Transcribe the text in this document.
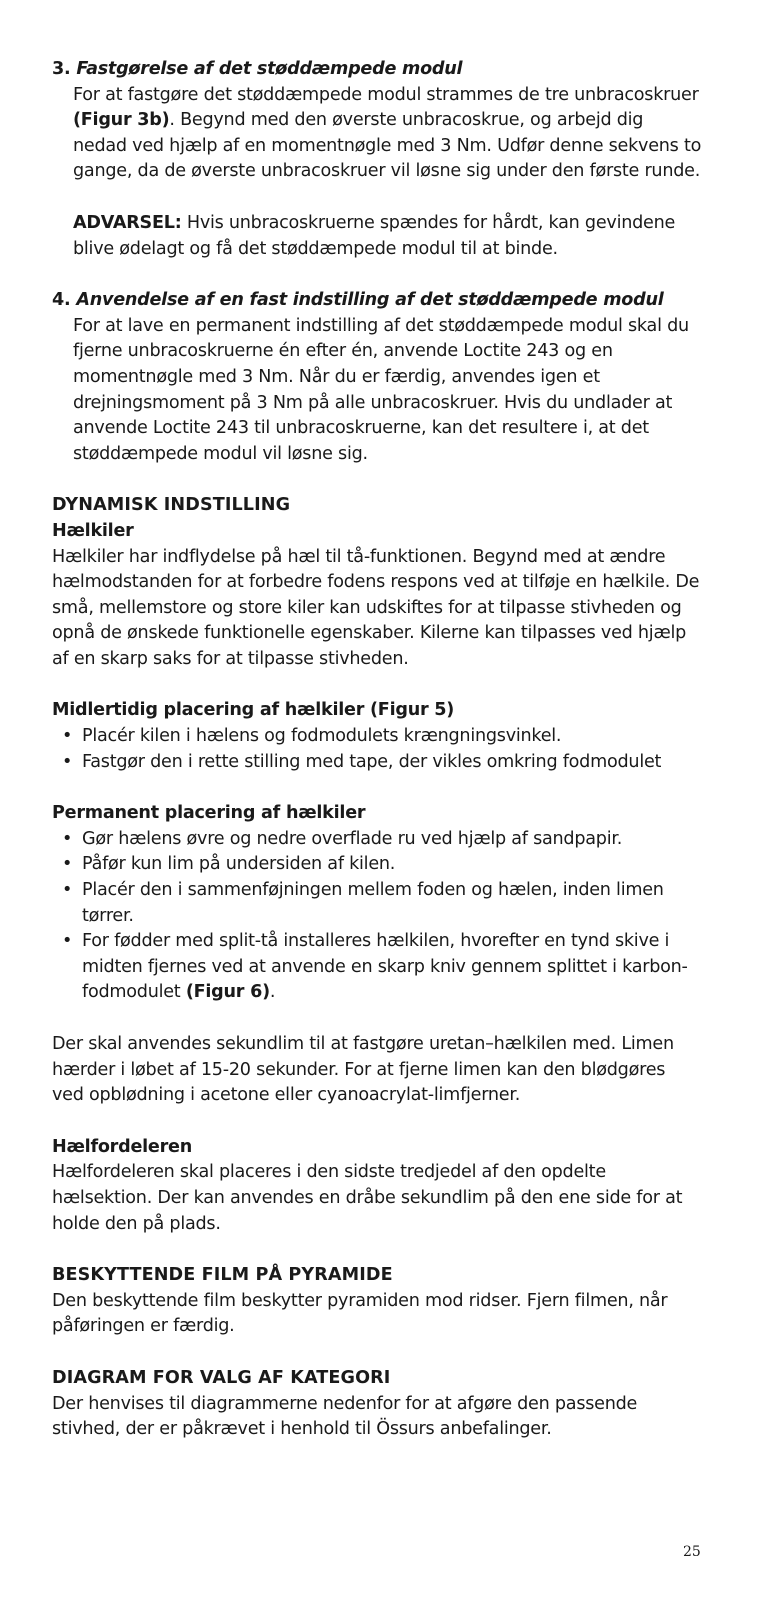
3. Fastgørelse af det støddæmpede modul

For at fastgøre det støddæmpede modul strammes de tre unbracoskruer (Figur 3b). Begynd med den øverste unbracoskrue, og arbejd dig nedad ved hjælp af en momentnøgle med 3 Nm. Udfør denne sekvens to gange, da de øverste unbracoskruer vil løsne sig under den første runde.

ADVARSEL: Hvis unbracoskruerne spændes for hårdt, kan gevindene blive ødelagt og få det støddæmpede modul til at binde.

4. Anvendelse af en fast indstilling af det støddæmpede modul

For at lave en permanent indstilling af det støddæmpede modul skal du fjerne unbracoskruerne én efter én, anvende Loctite 243 og en momentnøgle med 3 Nm. Når du er færdig, anvendes igen et drejningsmoment på 3 Nm på alle unbracoskruer. Hvis du undlader at anvende Loctite 243 til unbracoskruerne, kan det resultere i, at det støddæmpede modul vil løsne sig.

DYNAMISK INDSTILLING

Hælkiler

Hælkiler har indflydelse på hæl til tå-funktionen. Begynd med at ændre hælmodstanden for at forbedre fodens respons ved at tilføje en hælkile. De små, mellemstore og store kiler kan udskiftes for at tilpasse stivheden og opnå de ønskede funktionelle egenskaber. Kilerne kan tilpasses ved hjælp af en skarp saks for at tilpasse stivheden.

Midlertidig placering af hælkiler (Figur 5)

• Placér kilen i hælens og fodmodulets krængningsvinkel.
• Fastgør den i rette stilling med tape, der vikles omkring fodmodulet

Permanent placering af hælkiler

• Gør hælens øvre og nedre overflade ru ved hjælp af sandpapir.
• Påfør kun lim på undersiden af kilen.
• Placér den i sammenføjningen mellem foden og hælen, inden limen tørrer.
• For fødder med split-tå installeres hælkilen, hvorefter en tynd skive i midten fjernes ved at anvende en skarp kniv gennem splittet i karbon-fodmodulet (Figur 6).

Der skal anvendes sekundlim til at fastgøre uretan–hælkilen med. Limen hærder i løbet af 15-20 sekunder. For at fjerne limen kan den blødgøres ved opblødning i acetone eller cyanoacrylat-limfjerner.

Hælfordeleren

Hælfordeleren skal placeres i den sidste tredjedel af den opdelte hælsektion. Der kan anvendes en dråbe sekundlim på den ene side for at holde den på plads.

BESKYTTENDE FILM PÅ PYRAMIDE

Den beskyttende film beskytter pyramiden mod ridser. Fjern filmen, når påføringen er færdig.

DIAGRAM FOR VALG AF KATEGORI

Der henvises til diagrammerne nedenfor for at afgøre den passende stivhed, der er påkrævet i henhold til Össurs anbefalinger.

25
